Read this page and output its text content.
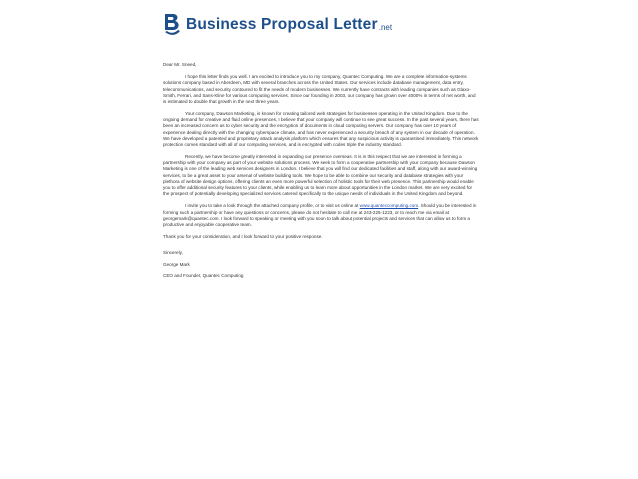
Business Proposal Letter .net

Dear Mr. Sneed,

I hope this letter finds you well. I am excited to introduce you to my company, Quantec Computing. We are a complete information-systems solutions company based in Aberdeen, MD with several branches across the United States. Our services include database management, data entry, telecommunications, and security contoured to fit the needs of modern businesses. We currently have contracts with leading companies such as Glaxo-Smith, Ferrari, and Sans-Kline for various computing services. Since our founding in 2003, our company has grown over 4000% in terms of net worth, and is estimated to double that growth in the next three years.

Your company, Dawson Marketing, is known for creating tailored web strategies for businesses operating in the United Kingdom. Due to the ongoing demand for creative and fluid online presences, I believe that your company will continue to see great success. In the past several years, there has been an increased concern as to cyber security and the encryption of documents in cloud computing servers. Our company has over 10 years of experience dealing directly with the changing cyberspace climate, and has never experienced a security breach of any system in our decade of operation. We have developed a patented and proprietary attack analysis platform which ensures that any suspicious activity is quarantined immediately. This network protection comes standard with all of our computing services, and is encrypted with codes triple the industry standard.

Recently, we have become greatly interested in expanding our presence overseas. It is in this respect that we are interested in forming a partnership with your company as part of your website solutions process. We seek to form a cooperative partnership with your company because Dawson Marketing is one of the leading web services designers in London. I believe that you will find our dedicated facilities and staff, along with our award-winning services, to be a great asset to your arsenal of website building tools. We hope to be able to combine our security and database strategies with your plethora of website design options, offering clients an even more powerful selection of holistic tools for their web presence. This partnership would enable you to offer additional security features to your clients, while enabling us to learn more about opportunities in the London market. We are very excited for the prospect of potentially developing specialized services catered specifically to the unique needs of individuals in the United Kingdom and beyond.

I invite you to take a look through the attached company profile, or to visit us online at www.quanteccomputing.com. Should you be interested in forming such a partnership or have any questions or concerns, please do not hesitate to call me at 243-225-1223, or to reach me via email at georgemark@quantec.com. I look forward to speaking or meeting with you soon to talk about potential projects and services that can allow us to form a productive and enjoyable cooperative team.

Thank you for your consideration, and I look forward to your positive response.

Sincerely,

George Mark

CEO and Founder, Quantec Computing
